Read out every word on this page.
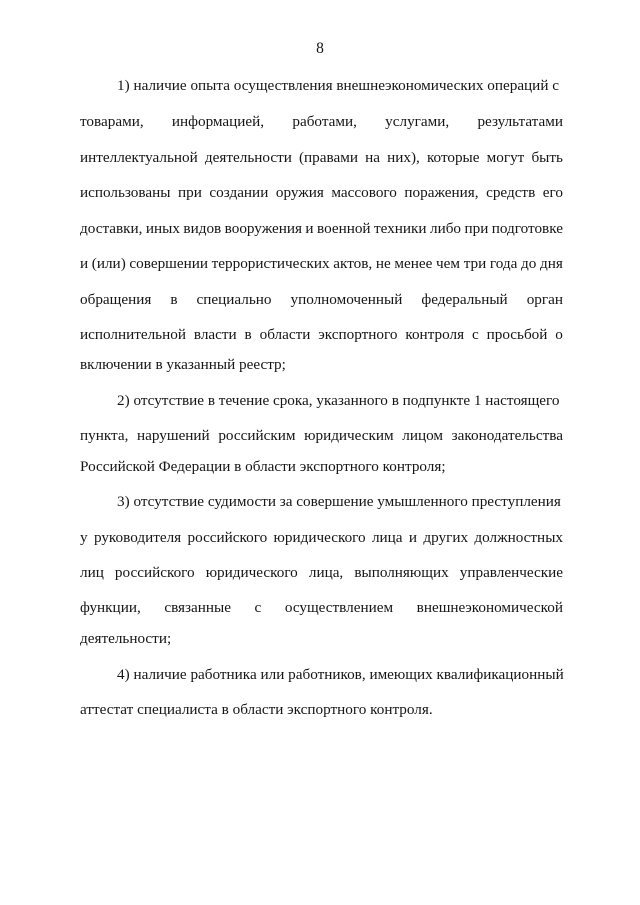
8
1) наличие опыта осуществления внешнеэкономических операций с
товарами, информацией, работами, услугами, результатами
интеллектуальной деятельности (правами на них), которые могут быть
использованы при создании оружия массового поражения, средств его
доставки, иных видов вооружения и военной техники либо при подготовке
и (или) совершении террористических актов, не менее чем три года до дня
обращения в специально уполномоченный федеральный орган
исполнительной власти в области экспортного контроля с просьбой о
включении в указанный реестр;
2) отсутствие в течение срока, указанного в подпункте 1 настоящего
пункта, нарушений российским юридическим лицом законодательства
Российской Федерации в области экспортного контроля;
3) отсутствие судимости за совершение умышленного преступления
у руководителя российского юридического лица и других должностных
лиц российского юридического лица, выполняющих управленческие
функции, связанные с осуществлением внешнеэкономической
деятельности;
4) наличие работника или работников, имеющих квалификационный
аттестат специалиста в области экспортного контроля.
